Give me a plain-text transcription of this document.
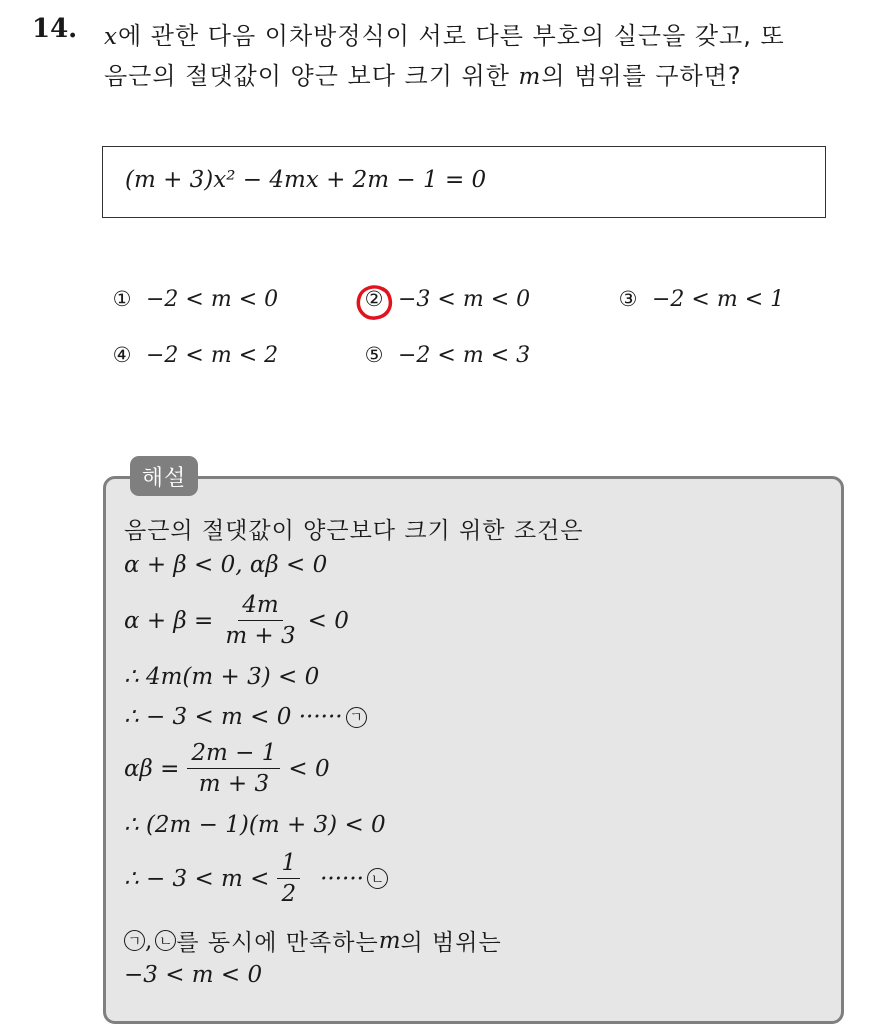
14. x에 관한 다음 이차방정식이 서로 다른 부호의 실근을 갖고, 또
음근의 절댓값이 양근 보다 크기 위한 m의 범위를 구하면?
(m + 3)x² − 4mx + 2m − 1 = 0
① −2 < m < 0	② −3 < m < 0	③ −2 < m < 1
④ −2 < m < 2	⑤ −2 < m < 3
해설
음근의 절댓값이 양근보다 크기 위한 조건은
α + β < 0, αβ < 0
$\alpha + \beta = \frac{4m}{m + 3} < 0$
∴ 4m(m + 3) < 0
∴ − 3 < m < 0 ······ ㄱ
$\alpha\beta = \frac{2m - 1}{m + 3} < 0$
∴ (2m − 1)(m + 3) < 0
∴ − $3 < m < \frac{1}{2}$ ······ ㄴ
ㄱ , ㄴ 를 동시에 만족하는 m 의 범위는
−3 < m < 0
